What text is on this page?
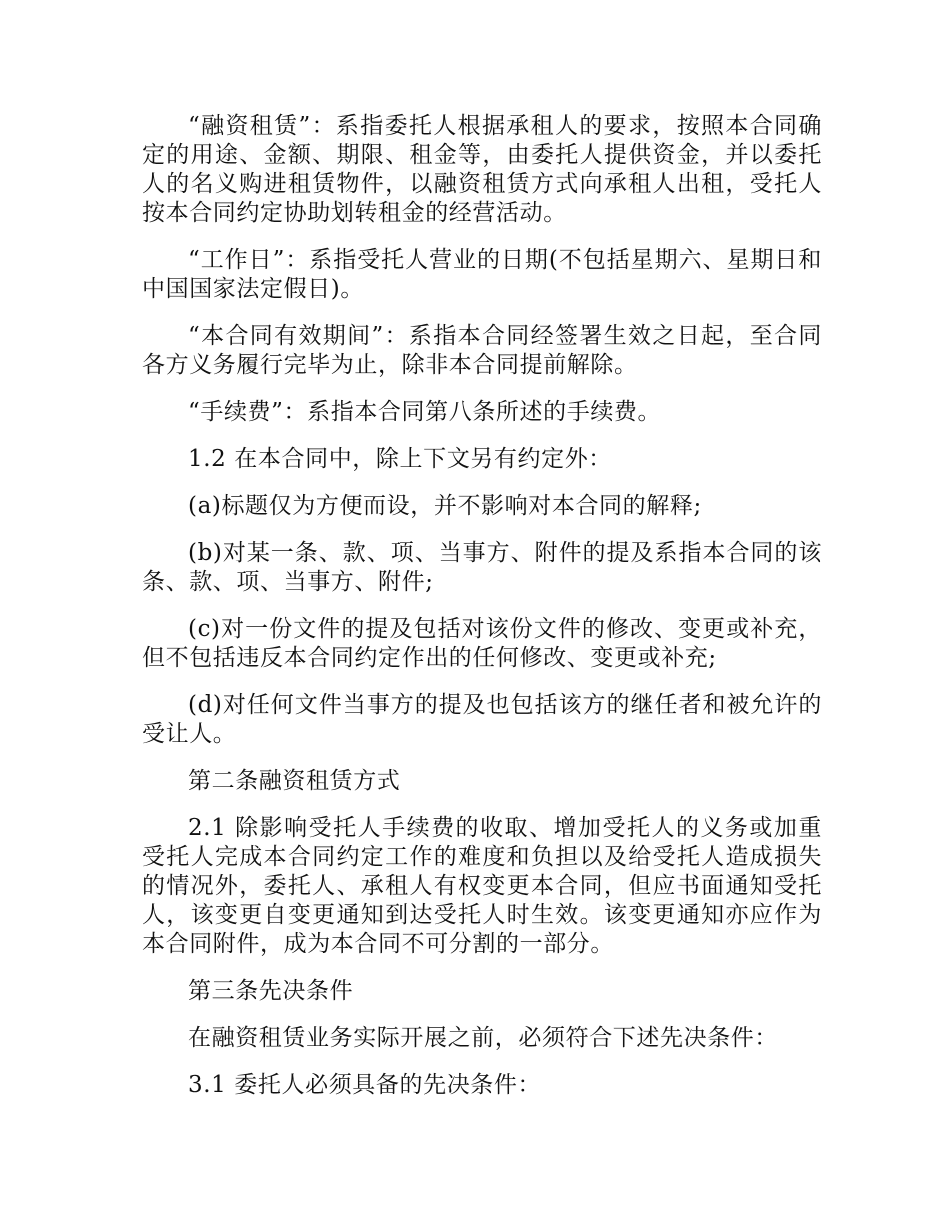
“融资租赁”：系指委托人根据承租人的要求，按照本合同确定的用途、金额、期限、租金等，由委托人提供资金，并以委托人的名义购进租赁物件，以融资租赁方式向承租人出租，受托人按本合同约定协助划转租金的经营活动。

“工作日”：系指受托人营业的日期(不包括星期六、星期日和中国国家法定假日)。

“本合同有效期间”：系指本合同经签署生效之日起，至合同各方义务履行完毕为止，除非本合同提前解除。

“手续费”：系指本合同第八条所述的手续费。

1.2 在本合同中，除上下文另有约定外：

(a)标题仅为方便而设，并不影响对本合同的解释;

(b)对某一条、款、项、当事方、附件的提及系指本合同的该条、款、项、当事方、附件;

(c)对一份文件的提及包括对该份文件的修改、变更或补充，但不包括违反本合同约定作出的任何修改、变更或补充;

(d)对任何文件当事方的提及也包括该方的继任者和被允许的受让人。

第二条融资租赁方式

2.1 除影响受托人手续费的收取、增加受托人的义务或加重受托人完成本合同约定工作的难度和负担以及给受托人造成损失的情况外，委托人、承租人有权变更本合同，但应书面通知受托人，该变更自变更通知到达受托人时生效。该变更通知亦应作为本合同附件，成为本合同不可分割的一部分。

第三条先决条件

在融资租赁业务实际开展之前，必须符合下述先决条件：

3.1 委托人必须具备的先决条件：
